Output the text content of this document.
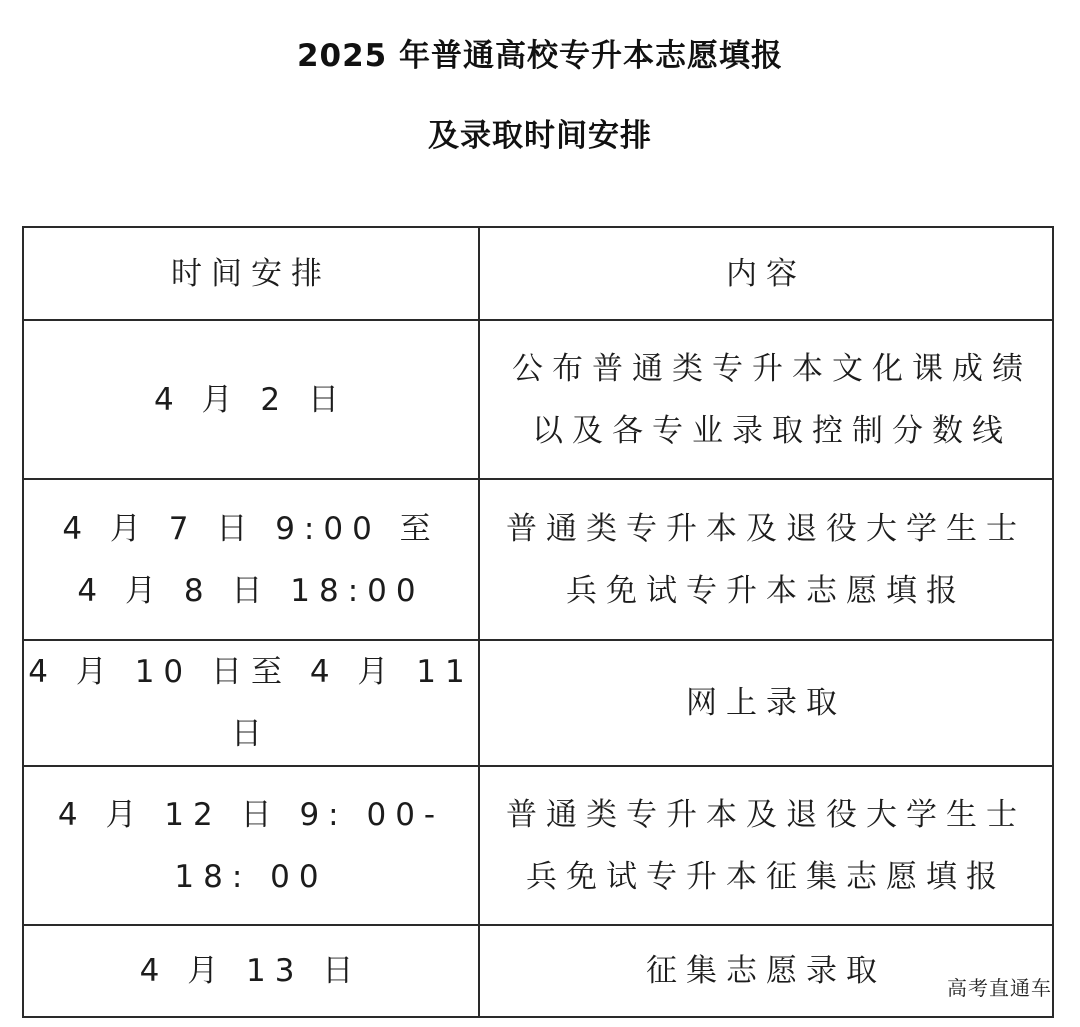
2025 年普通高校专升本志愿填报
及录取时间安排
时间安排	内容

4 月 2 日	公布普通类专升本文化课成绩
以及各专业录取控制分数线

4 月 7 日 9:00 至
4 月 8 日 18:00	普通类专升本及退役大学生士
兵免试专升本志愿填报

4 月 10 日至 4 月 11 日	网上录取

4 月 12 日 9: 00-18: 00	普通类专升本及退役大学生士
兵免试专升本征集志愿填报

4 月 13 日	征集志愿录取	高考直通车
